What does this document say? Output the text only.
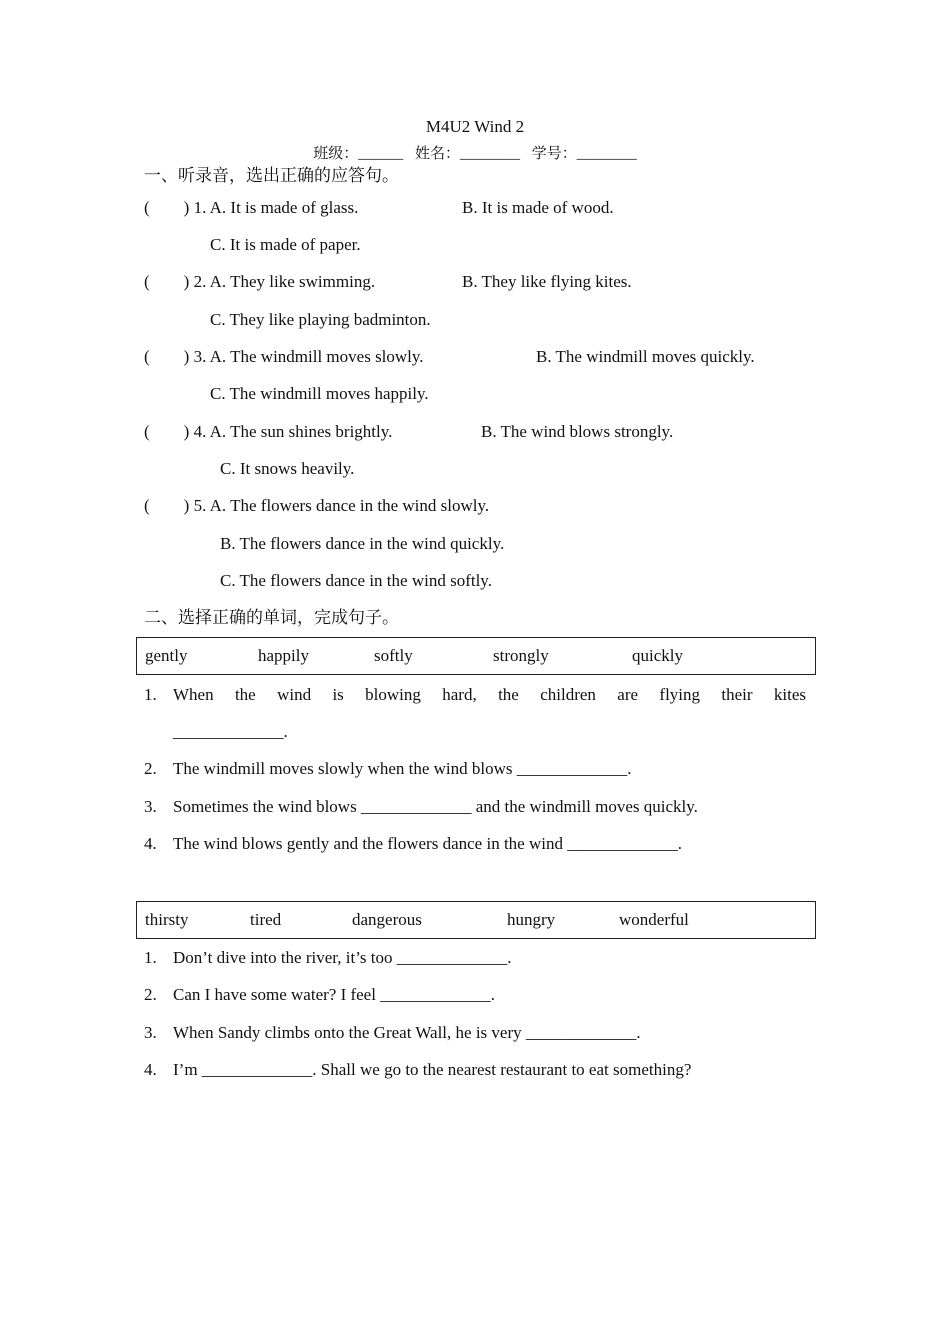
M4U2 Wind 2
班级：______ 姓名：________ 学号：________
一、听录音，选出正确的应答句。
(        ) 1. A. It is made of glass.	B. It is made of wood.
C. It is made of paper.
(        ) 2. A. They like swimming.	B. They like flying kites.
C. They like playing badminton.
(        ) 3. A. The windmill moves slowly.	B. The windmill moves quickly.
C. The windmill moves happily.
(        ) 4. A. The sun shines brightly.	B. The wind blows strongly.
C. It snows heavily.
(        ) 5. A. The flowers dance in the wind slowly.
B. The flowers dance in the wind quickly.
C. The flowers dance in the wind softly.
二、选择正确的单词，完成句子。
gently	happily	softly	strongly	quickly
1. When the wind is blowing hard, the children are flying their kites
_____________.
2. The windmill moves slowly when the wind blows _____________.
3. Sometimes the wind blows _____________ and the windmill moves quickly.
4. The wind blows gently and the flowers dance in the wind _____________.
thirsty	tired	dangerous	hungry	wonderful
1. Don’t dive into the river, it’s too _____________.
2. Can I have some water? I feel _____________.
3. When Sandy climbs onto the Great Wall, he is very _____________.
4. I’m _____________. Shall we go to the nearest restaurant to eat something?
